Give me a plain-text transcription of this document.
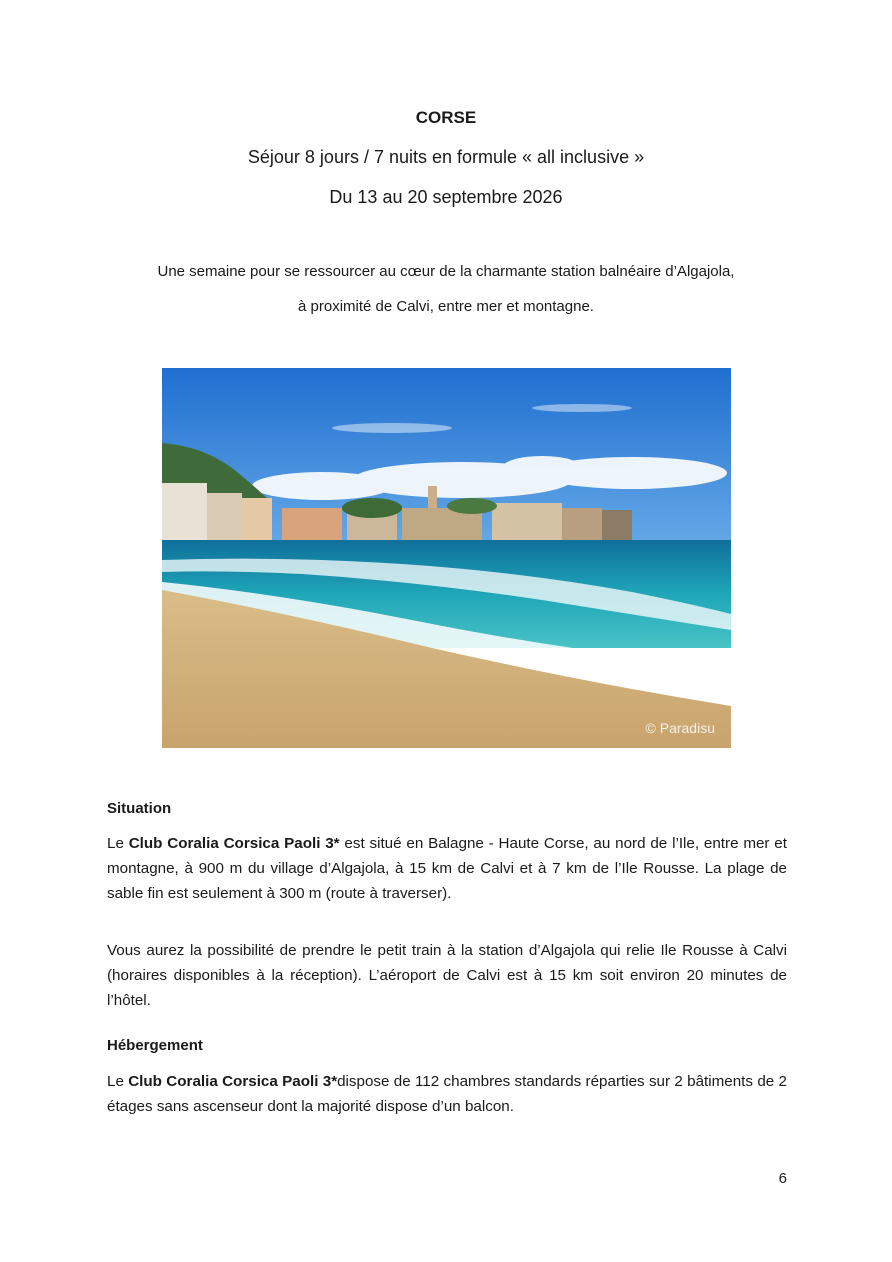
CORSE
Séjour 8 jours / 7 nuits en formule « all inclusive »
Du 13 au 20 septembre 2026
Une semaine pour se ressourcer au cœur de la charmante station balnéaire d’Algajola,
à proximité de Calvi, entre mer et montagne.
© Paradisu
Situation
Le Club Coralia Corsica Paoli 3* est situé en Balagne - Haute Corse, au nord de l’Ile, entre mer et montagne, à 900 m du village d’Algajola, à 15 km de Calvi et à 7 km de l’Ile Rousse. La plage de sable fin est seulement à 300 m (route à traverser).
Vous aurez la possibilité de prendre le petit train à la station d’Algajola qui relie Ile Rousse à Calvi (horaires disponibles à la réception). L’aéroport de Calvi est à 15 km soit environ 20 minutes de l’hôtel.
Hébergement
Le Club Coralia Corsica Paoli 3*dispose de 112 chambres standards réparties sur 2 bâtiments de 2 étages sans ascenseur dont la majorité dispose d’un balcon.
6
